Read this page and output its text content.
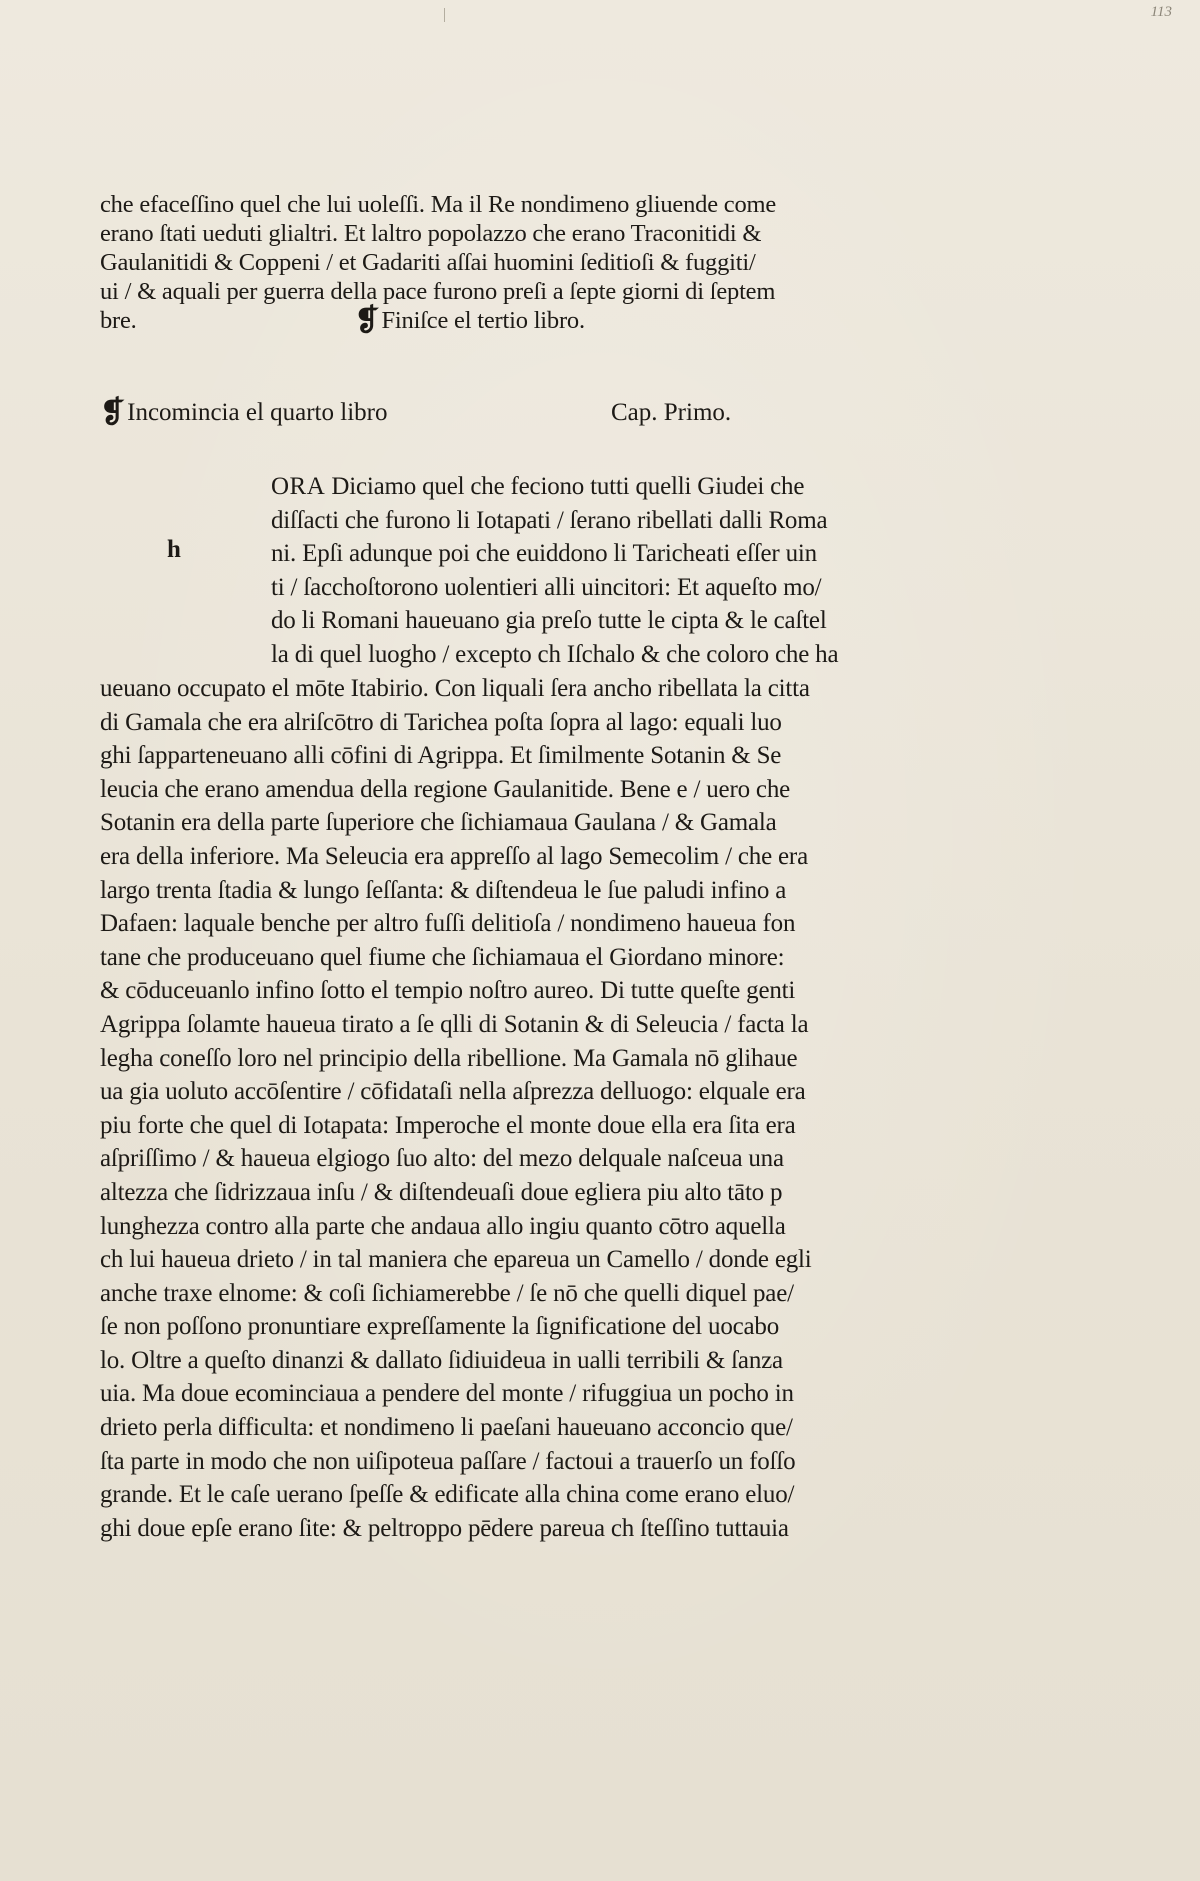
113
che efaceſſino quel che lui uoleſſi. Ma il Re nondimeno gliuende come
erano ſtati ueduti glialtri. Et laltro popolazzo che erano Traconitidi &
Gaulanitidi & Coppeni / et Gadariti aſſai huomini ſeditioſi & fuggiti/
ui / & aquali per guerra della pace furono preſi a ſepte giorni di ſeptem
bre.	❡Finiſce el tertio libro.
❡Incomincia el quarto libro	Cap. Primo.
h
ORA Diciamo quel che feciono tutti quelli Giudei che
diſſacti che furono li Iotapati / ſerano ribellati dalli Roma
ni. Epſi adunque poi che euiddono li Taricheati eſſer uin
ti / ſacchoſtorono uolentieri alli uincitori: Et aqueſto mo/
do li Romani haueuano gia preſo tutte le cipta & le caſtel
la di quel luogho / excepto ch Iſchalo & che coloro che ha
ueuano occupato el mōte Itabirio. Con liquali ſera ancho ribellata la citta
di Gamala che era alriſcōtro di Tarichea poſta ſopra al lago: equali luo
ghi ſapparteneuano alli cōfini di Agrippa. Et ſimilmente Sotanin & Se
leucia che erano amendua della regione Gaulanitide. Bene e / uero che
Sotanin era della parte ſuperiore che ſichiamaua Gaulana / & Gamala
era della inferiore. Ma Seleucia era appreſſo al lago Semecolim / che era
largo trenta ſtadia & lungo ſeſſanta: & diſtendeua le ſue paludi infino a
Dafaen: laquale benche per altro fuſſi delitioſa / nondimeno haueua fon
tane che produceuano quel fiume che ſichiamaua el Giordano minore:
& cōduceuanlo infino ſotto el tempio noſtro aureo. Di tutte queſte genti
Agrippa ſolamte haueua tirato a ſe qlli di Sotanin & di Seleucia / facta la
legha coneſſo loro nel principio della ribellione. Ma Gamala nō glihaue
ua gia uoluto accōſentire / cōfidataſi nella aſprezza delluogo: elquale era
piu forte che quel di Iotapata: Imperoche el monte doue ella era ſita era
aſpriſſimo / & haueua elgiogo ſuo alto: del mezo delquale naſceua una
altezza che ſidrizzaua inſu / & diſtendeuaſi doue egliera piu alto tāto p
lunghezza contro alla parte che andaua allo ingiu quanto cōtro aquella
ch lui haueua drieto / in tal maniera che epareua un Camello / donde egli
anche traxe elnome: & coſi ſichiamerebbe / ſe nō che quelli diquel pae/
ſe non poſſono pronuntiare expreſſamente la ſignificatione del uocabo
lo. Oltre a queſto dinanzi & dallato ſidiuideua in ualli terribili & ſanza
uia. Ma doue ecominciaua a pendere del monte / rifuggiua un pocho in
drieto perla difficulta: et nondimeno li paeſani haueuano acconcio que/
ſta parte in modo che non uiſipoteua paſſare / factoui a trauerſo un foſſo
grande. Et le caſe uerano ſpeſſe & edificate alla china come erano eluo/
ghi doue epſe erano ſite: & peltroppo pēdere pareua ch ſteſſino tuttauia
